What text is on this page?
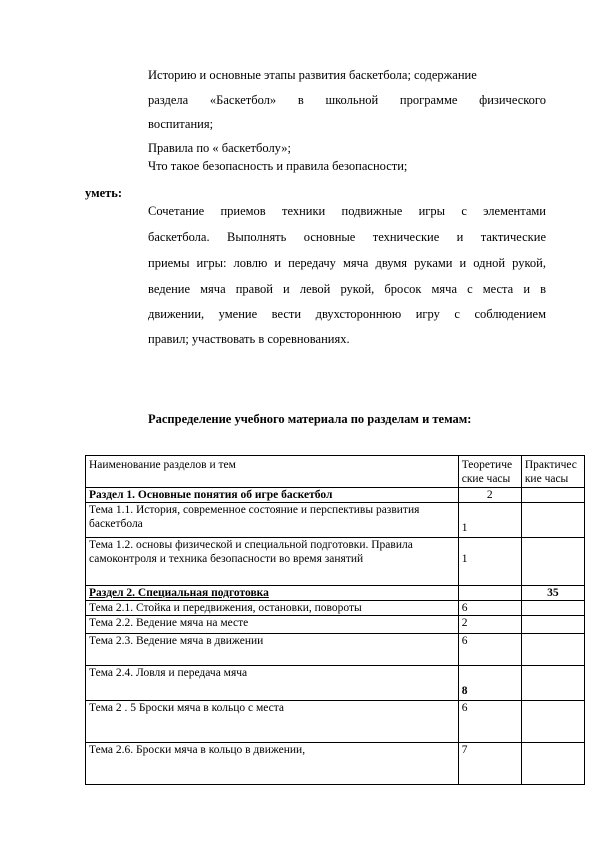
Историю и основные этапы развития баскетбола; содержание
раздела «Баскетбол» в школьной программе физического
воспитания;
Правила по « баскетболу»;
Что такое безопасность и правила безопасности;
уметь:
Сочетание приемов техники подвижные игры с элементами
баскетбола. Выполнять основные технические и тактические
приемы игры: ловлю и передачу мяча двумя руками и одной рукой,
ведение мяча правой и левой рукой, бросок мяча с места и в
движении, умение вести двухстороннюю игру с соблюдением
правил; участвовать в соревнованиях.
Распределение учебного материала по разделам и темам:
Наименование разделов и тем	Теоретиче ские часы	Практичес кие часы
Раздел 1. Основные понятия об игре баскетбол	2	
Тема 1.1. История, современное состояние и перспективы развития баскетбола	1	
Тема 1.2. основы физической и специальной подготовки. Правила самоконтроля и техника безопасности во время занятий	1	
Раздел 2. Специальная подготовка		35
Тема 2.1. Стойка и передвижения, остановки, повороты	6	
Тема 2.2. Ведение мяча на месте	2	
Тема 2.3. Ведение мяча в движении	6	
Тема 2.4. Ловля и передача мяча	8	
Тема 2 . 5 Броски мяча в кольцо с места	6	
Тема 2.6. Броски мяча в кольцо в движении,	7	
